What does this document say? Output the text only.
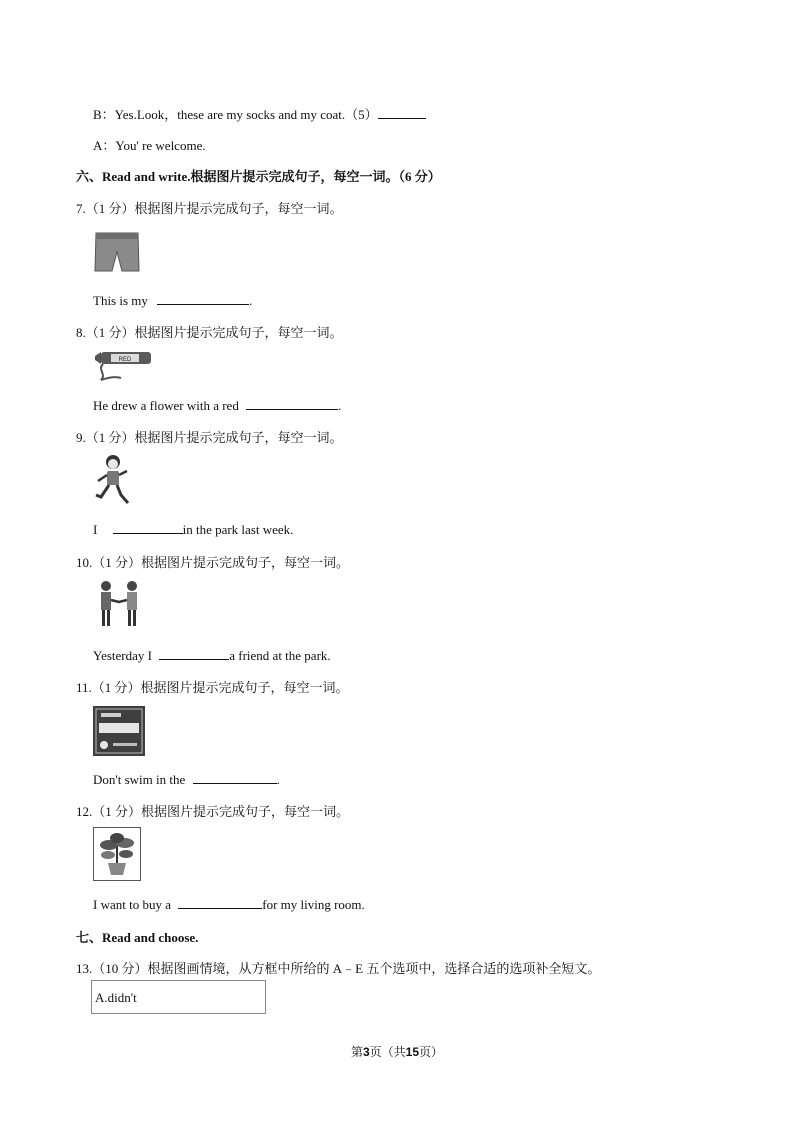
B：Yes.Look，these are my socks and my coat.（5）
A：You' re welcome.
六、Read and write.根据图片提示完成句子，每空一词。（6 分）
7.（1 分）根据图片提示完成句子，每空一词。
This is my	.
8.（1 分）根据图片提示完成句子，每空一词。
RED
He drew a flower with a red	.
9.（1 分）根据图片提示完成句子，每空一词。
I	in the park last week.
10.（1 分）根据图片提示完成句子，每空一词。
Yesterday I	a friend at the park.
11.（1 分）根据图片提示完成句子，每空一词。
Don't swim in the	.
12.（1 分）根据图片提示完成句子，每空一词。
I want to buy a	for my living room.
七、Read and choose.
13.（10 分）根据图画情境，从方框中所给的 A﹣E 五个选项中，选择合适的选项补全短文。
A.didn't
第3页（共15页）
